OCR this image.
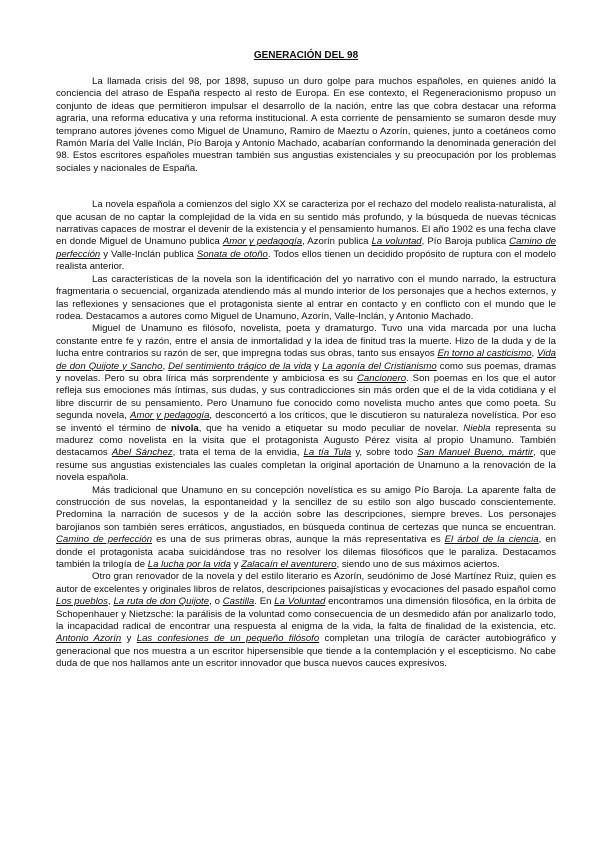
GENERACIÓN DEL 98

La llamada crisis del 98, por 1898, supuso un duro golpe para muchos españoles, en quienes anidó la conciencia del atraso de España respecto al resto de Europa. En ese contexto, el Regeneracionismo propuso un conjunto de ideas que permitieron impulsar el desarrollo de la nación, entre las que cobra destacar una reforma agraria, una reforma educativa y una reforma institucional. A esta corriente de pensamiento se sumaron desde muy temprano autores jóvenes como Miguel de Unamuno, Ramiro de Maeztu o Azorín, quienes, junto a coetáneos como Ramón María del Valle Inclán, Pío Baroja y Antonio Machado, acabarían conformando la denominada generación del 98. Estos escritores españoles muestran también sus angustias existenciales y su preocupación por los problemas sociales y nacionales de España.

La novela española a comienzos del siglo XX se caracteriza por el rechazo del modelo realista-naturalista, al que acusan de no captar la complejidad de la vida en su sentido más profundo, y la búsqueda de nuevas técnicas narrativas capaces de mostrar el devenir de la existencia y el pensamiento humanos. El año 1902 es una fecha clave en donde Miguel de Unamuno publica Amor y pedagogía, Azorín publica La voluntad, Pío Baroja publica Camino de perfección y Valle-Inclán publica Sonata de otoño. Todos ellos tienen un decidido propósito de ruptura con el modelo realista anterior.

Las características de la novela son la identificación del yo narrativo con el mundo narrado, la estructura fragmentaria o secuencial, organizada atendiendo más al mundo interior de los personajes que a hechos externos, y las reflexiones y sensaciones que el protagonista siente al entrar en contacto y en conflicto con el mundo que le rodea. Destacamos a autores como Miguel de Unamuno, Azorín, Valle-Inclán, y Antonio Machado.

Miguel de Unamuno es filósofo, novelista, poeta y dramaturgo. Tuvo una vida marcada por una lucha constante entre fe y razón, entre el ansia de inmortalidad y la idea de finitud tras la muerte. Hizo de la duda y de la lucha entre contrarios su razón de ser, que impregna todas sus obras, tanto sus ensayos En torno al casticismo, Vida de don Quijote y Sancho, Del sentimiento trágico de la vida y La agonía del Cristianismo como sus poemas, dramas y novelas. Pero su obra lírica más sorprendente y ambiciosa es su Cancionero. Son poemas en los que el autor refleja sus emociones más íntimas, sus dudas, y sus contradicciones sin más orden que el de la vida cotidiana y el libre discurrir de su pensamiento. Pero Unamuno fue conocido como novelista mucho antes que como poeta. Su segunda novela, Amor y pedagogía, desconcertó a los críticos, que le discutieron su naturaleza novelística. Por eso se inventó el término de nivola, que ha venido a etiquetar su modo peculiar de novelar. Niebla representa su madurez como novelista en la visita que el protagonista Augusto Pérez visita al propio Unamuno. También destacamos Abel Sánchez, trata el tema de la envidia, La tía Tula y, sobre todo San Manuel Bueno, mártir, que resume sus angustias existenciales las cuales completan la original aportación de Unamuno a la renovación de la novela española.

Más tradicional que Unamuno en su concepción novelística es su amigo Pío Baroja. La aparente falta de construcción de sus novelas, la espontaneidad y la sencillez de su estilo son algo buscado conscientemente. Predomina la narración de sucesos y de la acción sobre las descripciones, siempre breves. Los personajes barojianos son también seres erráticos, angustiados, en búsqueda continua de certezas que nunca se encuentran. Camino de perfección es una de sus primeras obras, aunque la más representativa es El árbol de la ciencia, en donde el protagonista acaba suicidándose tras no resolver los dilemas filosóficos que le paraliza. Destacamos también la trilogía de La lucha por la vida y Zalacaín el aventurero, siendo uno de sus máximos aciertos.

Otro gran renovador de la novela y del estilo literario es Azorín, seudónimo de José Martínez Ruiz, quien es autor de excelentes y originales libros de relatos, descripciones paisajísticas y evocaciones del pasado español como Los pueblos, La ruta de don Quijote, o Castilla. En La Voluntad encontramos una dimensión filosófica, en la órbita de Schopenhauer y Nietzsche: la parálisis de la voluntad como consecuencia de un desmedido afán por analizarlo todo, la incapacidad radical de encontrar una respuesta al enigma de la vida, la falta de finalidad de la existencia, etc. Antonio Azorín y Las confesiones de un pequeño filósofo completan una trilogía de carácter autobiográfico y generacional que nos muestra a un escritor hipersensible que tiende a la contemplación y el escepticismo. No cabe duda de que nos hallamos ante un escritor innovador que busca nuevos cauces expresivos.
